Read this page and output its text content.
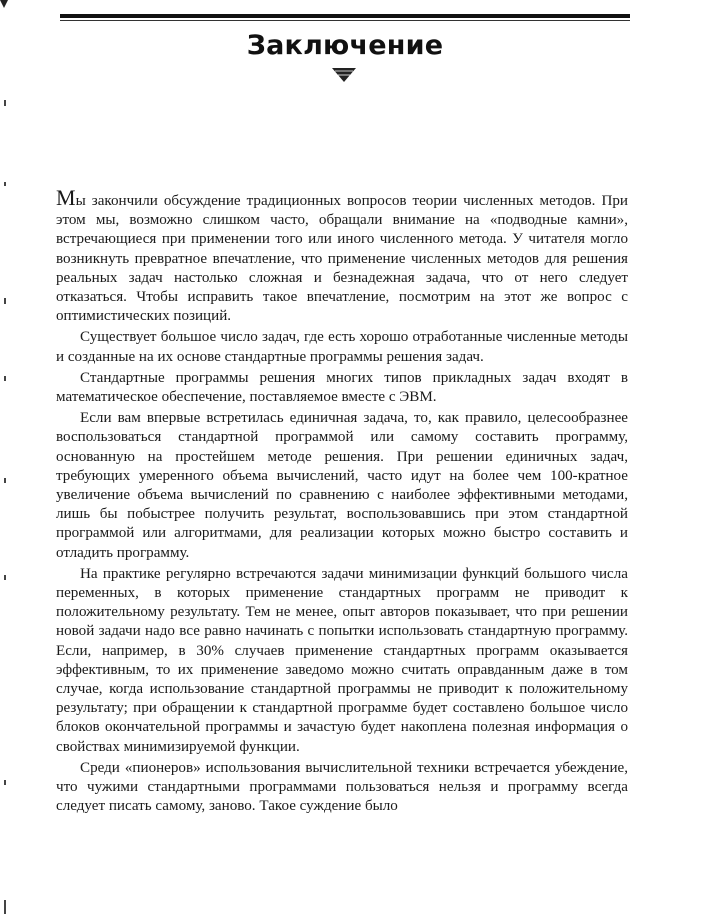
Заключение

Мы закончили обсуждение традиционных вопросов теории численных методов. При этом мы, возможно слишком часто, обращали внимание на «подводные камни», встречающиеся при применении того или иного численного метода. У читателя могло возникнуть превратное впечатление, что применение численных методов для решения реальных задач настолько сложная и безнадежная задача, что от него следует отказаться. Чтобы исправить такое впечатление, посмотрим на этот же вопрос с оптимистических позиций.

Существует большое число задач, где есть хорошо отработанные численные методы и созданные на их основе стандартные программы решения задач.

Стандартные программы решения многих типов прикладных задач входят в математическое обеспечение, поставляемое вместе с ЭВМ.

Если вам впервые встретилась единичная задача, то, как правило, целесообразнее воспользоваться стандартной программой или самому составить программу, основанную на простейшем методе решения. При решении единичных задач, требующих умеренного объема вычислений, часто идут на более чем 100-кратное увеличение объема вычислений по сравнению с наиболее эффективными методами, лишь бы побыстрее получить результат, воспользовавшись при этом стандартной программой или алгоритмами, для реализации которых можно быстро составить и отладить программу.

На практике регулярно встречаются задачи минимизации функций большого числа переменных, в которых применение стандартных программ не приводит к положительному результату. Тем не менее, опыт авторов показывает, что при решении новой задачи надо все равно начинать с попытки использовать стандартную программу. Если, например, в 30% случаев применение стандартных программ оказывается эффективным, то их применение заведомо можно считать оправданным даже в том случае, когда использование стандартной программы не приводит к положительному результату; при обращении к стандартной программе будет составлено большое число блоков окончательной программы и зачастую будет накоплена полезная информация о свойствах минимизируемой функции.

Среди «пионеров» использования вычислительной техники встречается убеждение, что чужими стандартными программами пользоваться нельзя и программу всегда следует писать самому, заново. Такое суждение было
